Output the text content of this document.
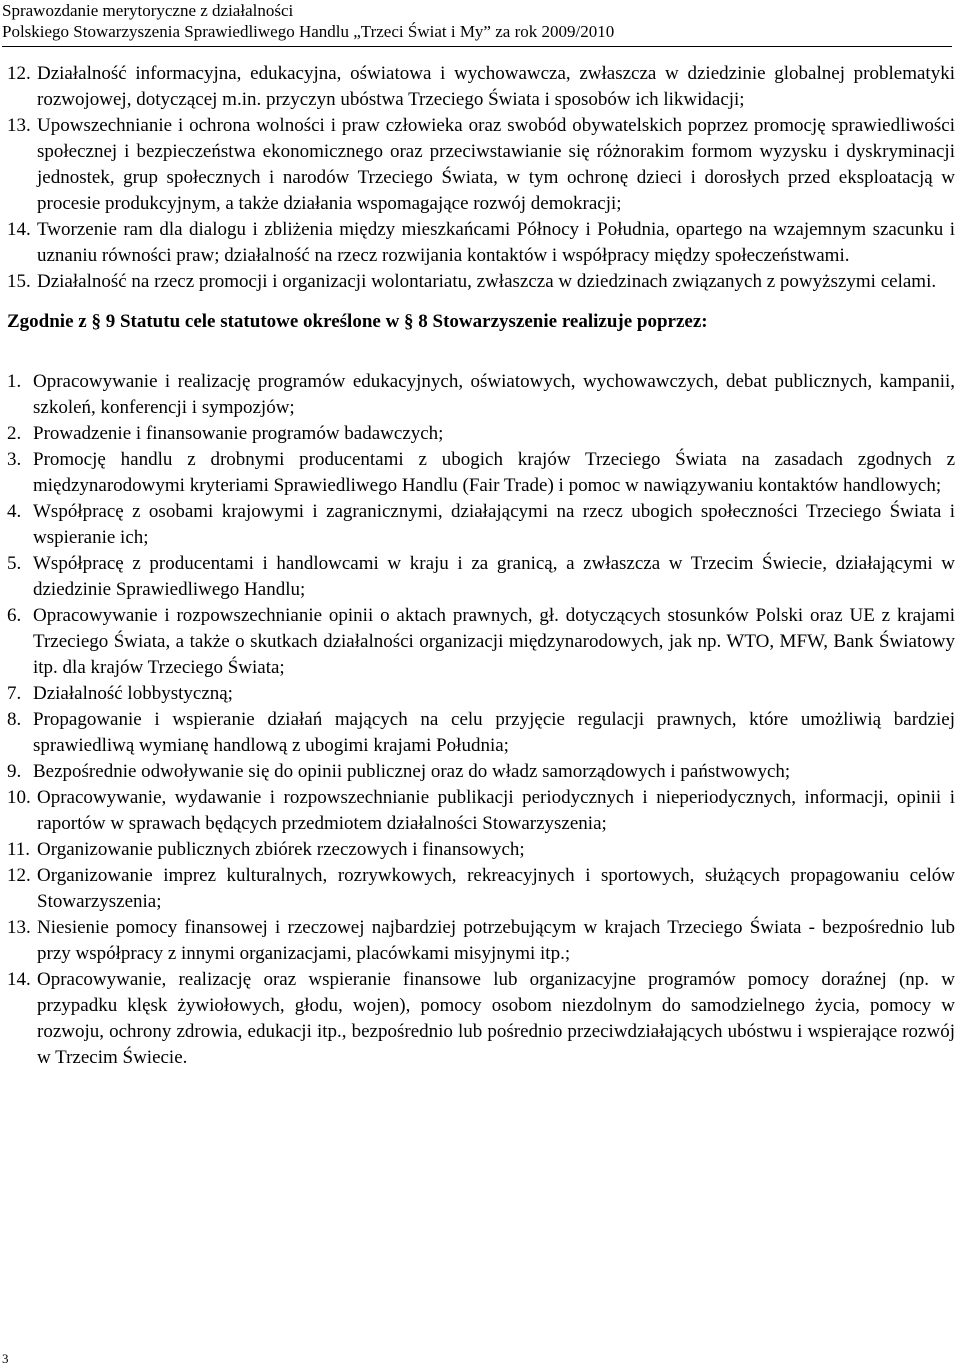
Sprawozdanie merytoryczne z działalności
Polskiego Stowarzyszenia Sprawiedliwego Handlu „Trzeci Świat i My” za rok 2009/2010
12. Działalność informacyjna, edukacyjna, oświatowa i wychowawcza, zwłaszcza w dziedzinie globalnej problematyki rozwojowej, dotyczącej m.in. przyczyn ubóstwa Trzeciego Świata i sposobów ich likwidacji;
13. Upowszechnianie i ochrona wolności i praw człowieka oraz swobód obywatelskich poprzez promocję sprawiedliwości społecznej i bezpieczeństwa ekonomicznego oraz przeciwstawianie się różnorakim formom wyzysku i dyskryminacji jednostek, grup społecznych i narodów Trzeciego Świata, w tym ochronę dzieci i dorosłych przed eksploatacją w procesie produkcyjnym, a także działania wspomagające rozwój demokracji;
14. Tworzenie ram dla dialogu i zbliżenia między mieszkańcami Północy i Południa, opartego na wzajemnym szacunku i uznaniu równości praw; działalność na rzecz rozwijania kontaktów i współpracy między społeczeństwami.
15. Działalność na rzecz promocji i organizacji wolontariatu, zwłaszcza w dziedzinach związanych z powyższymi celami.

Zgodnie z § 9 Statutu cele statutowe określone w § 8 Stowarzyszenie realizuje poprzez:

1. Opracowywanie i realizację programów edukacyjnych, oświatowych, wychowawczych, debat publicznych, kampanii, szkoleń, konferencji i sympozjów;
2. Prowadzenie i finansowanie programów badawczych;
3. Promocję handlu z drobnymi producentami z ubogich krajów Trzeciego Świata na zasadach zgodnych z międzynarodowymi kryteriami Sprawiedliwego Handlu (Fair Trade) i pomoc w nawiązywaniu kontaktów handlowych;
4. Współpracę z osobami krajowymi i zagranicznymi, działającymi na rzecz ubogich społeczności Trzeciego Świata i wspieranie ich;
5. Współpracę z producentami i handlowcami w kraju i za granicą, a zwłaszcza w Trzecim Świecie, działającymi w dziedzinie Sprawiedliwego Handlu;
6. Opracowywanie i rozpowszechnianie opinii o aktach prawnych, gł. dotyczących stosunków Polski oraz UE z krajami Trzeciego Świata, a także o skutkach działalności organizacji międzynarodowych, jak np. WTO, MFW, Bank Światowy itp. dla krajów Trzeciego Świata;
7. Działalność lobbystyczną;
8. Propagowanie i wspieranie działań mających na celu przyjęcie regulacji prawnych, które umożliwią bardziej sprawiedliwą wymianę handlową z ubogimi krajami Południa;
9. Bezpośrednie odwoływanie się do opinii publicznej oraz do władz samorządowych i państwowych;
10. Opracowywanie, wydawanie i rozpowszechnianie publikacji periodycznych i nieperiodycznych, informacji, opinii i raportów w sprawach będących przedmiotem działalności Stowarzyszenia;
11. Organizowanie publicznych zbiórek rzeczowych i finansowych;
12. Organizowanie imprez kulturalnych, rozrywkowych, rekreacyjnych i sportowych, służących propagowaniu celów Stowarzyszenia;
13. Niesienie pomocy finansowej i rzeczowej najbardziej potrzebującym w krajach Trzeciego Świata - bezpośrednio lub przy współpracy z innymi organizacjami, placówkami misyjnymi itp.;
14. Opracowywanie, realizację oraz wspieranie finansowe lub organizacyjne programów pomocy doraźnej (np. w przypadku klęsk żywiołowych, głodu, wojen), pomocy osobom niezdolnym do samodzielnego życia, pomocy w rozwoju, ochrony zdrowia, edukacji itp., bezpośrednio lub pośrednio przeciwdziałających ubóstwu i wspierające rozwój w Trzecim Świecie.
3
